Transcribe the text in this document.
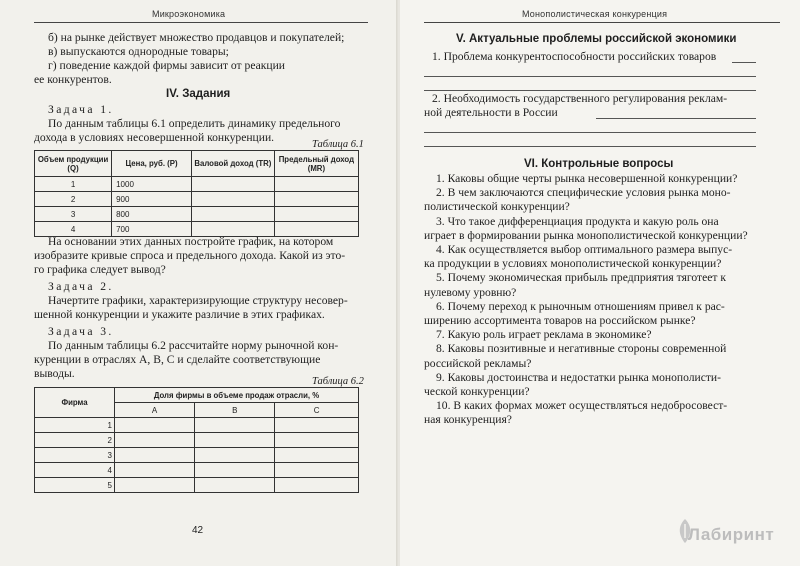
Микроэкономика

б) на рынке действует множество продавцов и покупателей;

в) выпускаются однородные товары;

г) поведение каждой фирмы зависит от реакции

ее конкурентов.

IV. Задания

Задача 1.

По данным таблицы 6.1 определить динамику предельного

дохода в условиях несовершенной конкуренции.

Таблица 6.1
Объем продукции (Q)	Цена, руб. (P)	Валовой доход (TR)	Предельный доход (MR)
1	1000		
2	900		
3	800		
4	700		

На основании этих данных постройте график, на котором

изобразите кривые спроса и предельного дохода. Какой из это-

го графика следует вывод?

Задача 2.

Начертите графики, характеризирующие структуру несовер-

шенной конкуренции и укажите различие в этих графиках.

Задача 3.

По данным таблицы 6.2 рассчитайте норму рыночной кон-

куренции в отраслях A, B, C и сделайте соответствующие

выводы.

Таблица 6.2
Фирма	Доля фирмы в объеме продаж отрасли, %		
	A	B	C
1			
2			
3			
4			
5			
42
Монополистическая конкуренция
V. Актуальные проблемы российской экономики

1. Проблема конкурентоспособности российских товаров

2. Необходимость государственного регулирования реклам-

ной деятельности в России

VI. Контрольные вопросы

1. Каковы общие черты рынка несовершенной конкуренции?

2. В чем заключаются специфические условия рынка моно-

полистической конкуренции?

3. Что такое дифференциация продукта и какую роль она

играет в формировании рынка монополистической конкуренции?

4. Как осуществляется выбор оптимального размера выпус-

ка продукции в условиях монополистической конкуренции?

5. Почему экономическая прибыль предприятия тяготеет к

нулевому уровню?

6. Почему переход к рыночным отношениям привел к рас-

ширению ассортимента товаров на российском рынке?

7. Какую роль играет реклама в экономике?

8. Каковы позитивные и негативные стороны современной

российской рекламы?

9. Каковы достоинства и недостатки рынка монополисти-

ческой конкуренции?

10. В каких формах может осуществляться недобросовест-

ная конкуренция?

Лабиринт
